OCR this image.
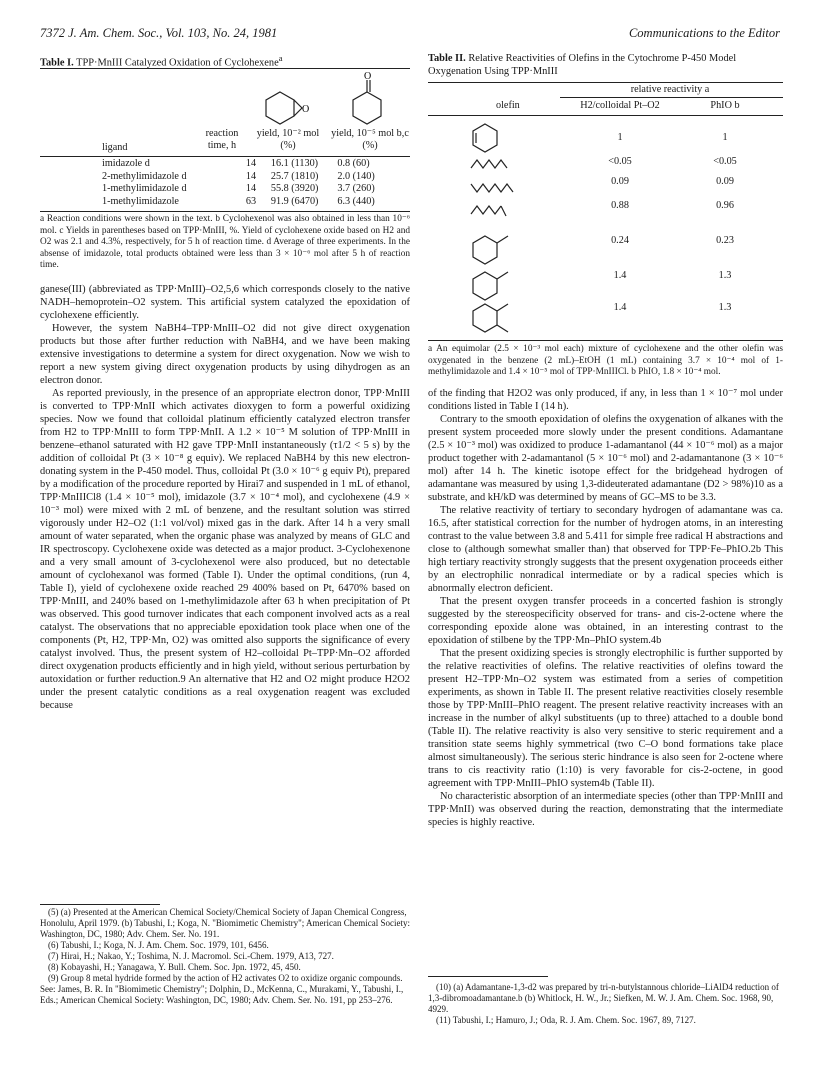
7372 J. Am. Chem. Soc., Vol. 103, No. 24, 1981	Communications to the Editor
Table I. TPP·MnIII Catalyzed Oxidation of Cyclohexene$^a$
O
O
ligand
reaction time, h
yield, 10⁻² mol (%)
yield, 10⁻⁵ mol b,c (%)
imidazole d	14	16.1 (1130)	0.8 (60)
2-methylimidazole d	14	25.7 (1810)	2.0 (140)
1-methylimidazole d	14	55.8 (3920)	3.7 (260)
1-methylimidazole	63	91.9 (6470)	6.3 (440)
a Reaction conditions were shown in the text. b Cyclohexenol was also obtained in less than 10⁻⁶ mol. c Yields in parentheses based on TPP·MnIII, %. Yield of cyclohexene oxide based on H2 and O2 was 2.1 and 4.3%, respectively, for 5 h of reaction time. d Average of three experiments. In the absense of imidazole, total products obtained were less than 3 × 10⁻⁶ mol after 5 h of reaction time.

ganese(III) (abbreviated as TPP·MnIII)–O2,5,6 which corresponds closely to the native NADH–hemoprotein–O2 system. This artificial system catalyzed the epoxidation of cyclohexene efficiently.

However, the system NaBH4–TPP·MnIII–O2 did not give direct oxygenation products but those after further reduction with NaBH4, and we have been making extensive investigations to determine a system for direct oxygenation. Now we wish to report a new system giving direct oxygenation products by using dihydrogen as an electron donor.

As reported previously, in the presence of an appropriate electron donor, TPP·MnIII is converted to TPP·MnII which activates dioxygen to form a powerful oxidizing species. Now we found that colloidal platinum efficiently catalyzed electron transfer from H2 to TPP·MnIII to form TPP·MnII. A 1.2 × 10⁻⁵ M solution of TPP·MnIII in benzene–ethanol saturated with H2 gave TPP·MnII instantaneously (τ1/2 < 5 s) by the addition of colloidal Pt (3 × 10⁻⁸ g equiv). We replaced NaBH4 by this new electron-donating system in the P-450 model. Thus, colloidal Pt (3.0 × 10⁻⁶ g equiv Pt), prepared by a modification of the procedure reported by Hirai7 and suspended in 1 mL of ethanol, TPP·MnIIICl8 (1.4 × 10⁻⁵ mol), imidazole (3.7 × 10⁻⁴ mol), and cyclohexene (4.9 × 10⁻³ mol) were mixed with 2 mL of benzene, and the resultant solution was stirred vigorously under H2–O2 (1:1 vol/vol) mixed gas in the dark. After 14 h a very small amount of water separated, when the organic phase was analyzed by means of GLC and IR spectroscopy. Cyclohexene oxide was detected as a major product. 3-Cyclohexenone and a very small amount of 3-cyclohexenol were also produced, but no detectable amount of cyclohexanol was formed (Table I). Under the optimal conditions, (run 4, Table I), yield of cyclohexene oxide reached 29 400% based on Pt, 6470% based on TPP·MnIII, and 240% based on 1-methylimidazole after 63 h when precipitation of Pt was observed. This good turnover indicates that each component involved acts as a real catalyst. The observations that no appreciable epoxidation took place when one of the components (Pt, H2, TPP·Mn, O2) was omitted also supports the significance of every catalyst involved. Thus, the present system of H2–colloidal Pt–TPP·Mn–O2 afforded direct oxygenation products efficiently and in high yield, without serious perturbation by autoxidation or further reduction.9 An alternative that H2 and O2 might produce H2O2 under the present catalytic conditions as a real oxygenation reagent was excluded because

(5) (a) Presented at the American Chemical Society/Chemical Society of Japan Chemical Congress, Honolulu, April 1979. (b) Tabushi, I.; Koga, N. "Biomimetic Chemistry"; American Chemical Society: Washington, DC, 1980; Adv. Chem. Ser. No. 191.

(6) Tabushi, I.; Koga, N. J. Am. Chem. Soc. 1979, 101, 6456.

(7) Hirai, H.; Nakao, Y.; Toshima, N. J. Macromol. Sci.-Chem. 1979, A13, 727.

(8) Kobayashi, H.; Yanagawa, Y. Bull. Chem. Soc. Jpn. 1972, 45, 450.

(9) Group 8 metal hydride formed by the action of H2 activates O2 to oxidize organic compounds. See: James, B. R. In "Biomimetic Chemistry"; Dolphin, D., McKenna, C., Murakami, Y., Tabushi, I., Eds.; American Chemical Society: Washington, DC, 1980; Adv. Chem. Ser. No. 191, pp 253–276.

Table II. Relative Reactivities of Olefins in the Cytochrome P-450 Model Oxygenation Using TPP·MnIII
relative reactivity a
olefin	H2/colloidal Pt–O2	PhIO b
1	1
<0.05	<0.05
0.09	0.09
0.88	0.96
0.24	0.23
1.4	1.3
1.4	1.3
a An equimolar (2.5 × 10⁻³ mol each) mixture of cyclohexene and the other olefin was oxygenated in the benzene (2 mL)–EtOH (1 mL) containing 3.7 × 10⁻⁴ mol of 1-methylimidazole and 1.4 × 10⁻⁵ mol of TPP·MnIIICl. b PhIO, 1.8 × 10⁻⁴ mol.

of the finding that H2O2 was only produced, if any, in less than 1 × 10⁻⁷ mol under conditions listed in Table I (14 h).

Contrary to the smooth epoxidation of olefins the oxygenation of alkanes with the present system proceeded more slowly under the present conditions. Adamantane (2.5 × 10⁻³ mol) was oxidized to produce 1-adamantanol (44 × 10⁻⁶ mol) as a major product together with 2-adamantanol (5 × 10⁻⁶ mol) and 2-adamantanone (3 × 10⁻⁶ mol) after 14 h. The kinetic isotope effect for the bridgehead hydrogen of adamantane was measured by using 1,3-dideuterated adamantane (D2 > 98%)10 as a substrate, and kH/kD was determined by means of GC–MS to be 3.3.

The relative reactivity of tertiary to secondary hydrogen of adamantane was ca. 16.5, after statistical correction for the number of hydrogen atoms, in an interesting contrast to the value between 3.8 and 5.411 for simple free radical H abstractions and close to (although somewhat smaller than) that observed for TPP·Fe–PhIO.2b This high tertiary reactivity strongly suggests that the present oxygenation proceeds either by an electrophilic nonradical intermediate or by a radical species which is abnormally electron deficient.

That the present oxygen transfer proceeds in a concerted fashion is strongly suggested by the stereospecificity observed for trans- and cis-2-octene where the corresponding epoxide alone was obtained, in an interesting contrast to the epoxidation of stilbene by the TPP·Mn–PhIO system.4b

That the present oxidizing species is strongly electrophilic is further supported by the relative reactivities of olefins. The relative reactivities of olefins toward the present H2–TPP·Mn–O2 system was estimated from a series of competition experiments, as shown in Table II. The present relative reactivities closely resemble those by TPP·MnIII–PhIO reagent. The present relative reactivity increases with an increase in the number of alkyl substituents (up to three) attached to a double bond (Table II). The relative reactivity is also very sensitive to steric requirement and a transition state seems highly symmetrical (two C–O bond formations take place almost simultaneously). The serious steric hindrance is also seen for 2-octene where trans to cis reactivity ratio (1:10) is very favorable for cis-2-octene, in good agreement with TPP·MnIII–PhIO system4b (Table II).

No characteristic absorption of an intermediate species (other than TPP·MnIII and TPP·MnII) was observed during the reaction, demonstrating that the intermediate species is highly reactive.

(10) (a) Adamantane-1,3-d2 was prepared by tri-n-butylstannous chloride–LiAlD4 reduction of 1,3-dibromoadamantane.b (b) Whitlock, H. W., Jr.; Siefken, M. W. J. Am. Chem. Soc. 1968, 90, 4929.

(11) Tabushi, I.; Hamuro, J.; Oda, R. J. Am. Chem. Soc. 1967, 89, 7127.
